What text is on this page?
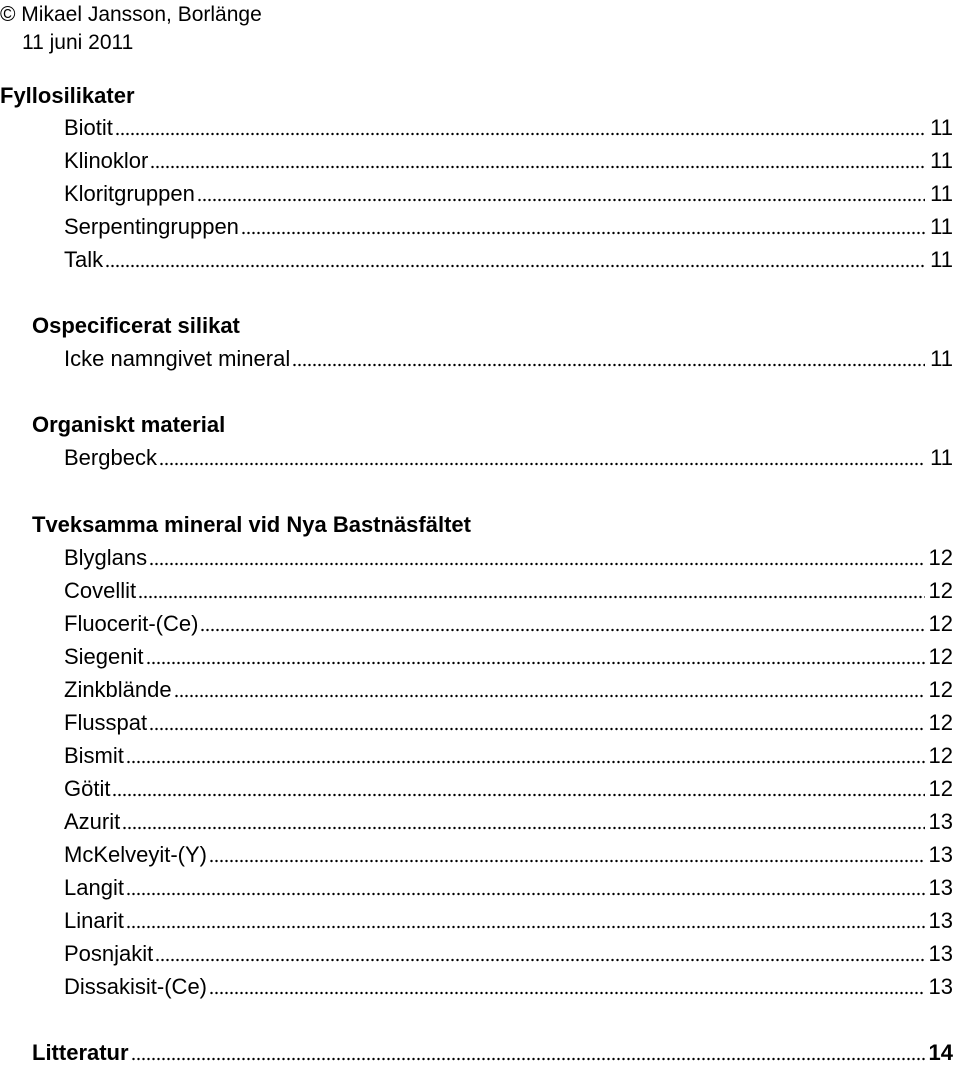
© Mikael Jansson, Borlänge
11 juni 2011
Fyllosilikater
Biotit	11
Klinoklor	11
Kloritgruppen	11
Serpentingruppen	11
Talk	11
Ospecificerat silikat
Icke namngivet mineral	11
Organiskt material
Bergbeck	11
Tveksamma mineral vid Nya Bastnäsfältet
Blyglans	12
Covellit	12
Fluocerit-(Ce)	12
Siegenit	12
Zinkblände	12
Flusspat	12
Bismit	12
Götit	12
Azurit	13
McKelveyit-(Y)	13
Langit	13
Linarit	13
Posnjakit	13
Dissakisit-(Ce)	13
Litteratur	14
